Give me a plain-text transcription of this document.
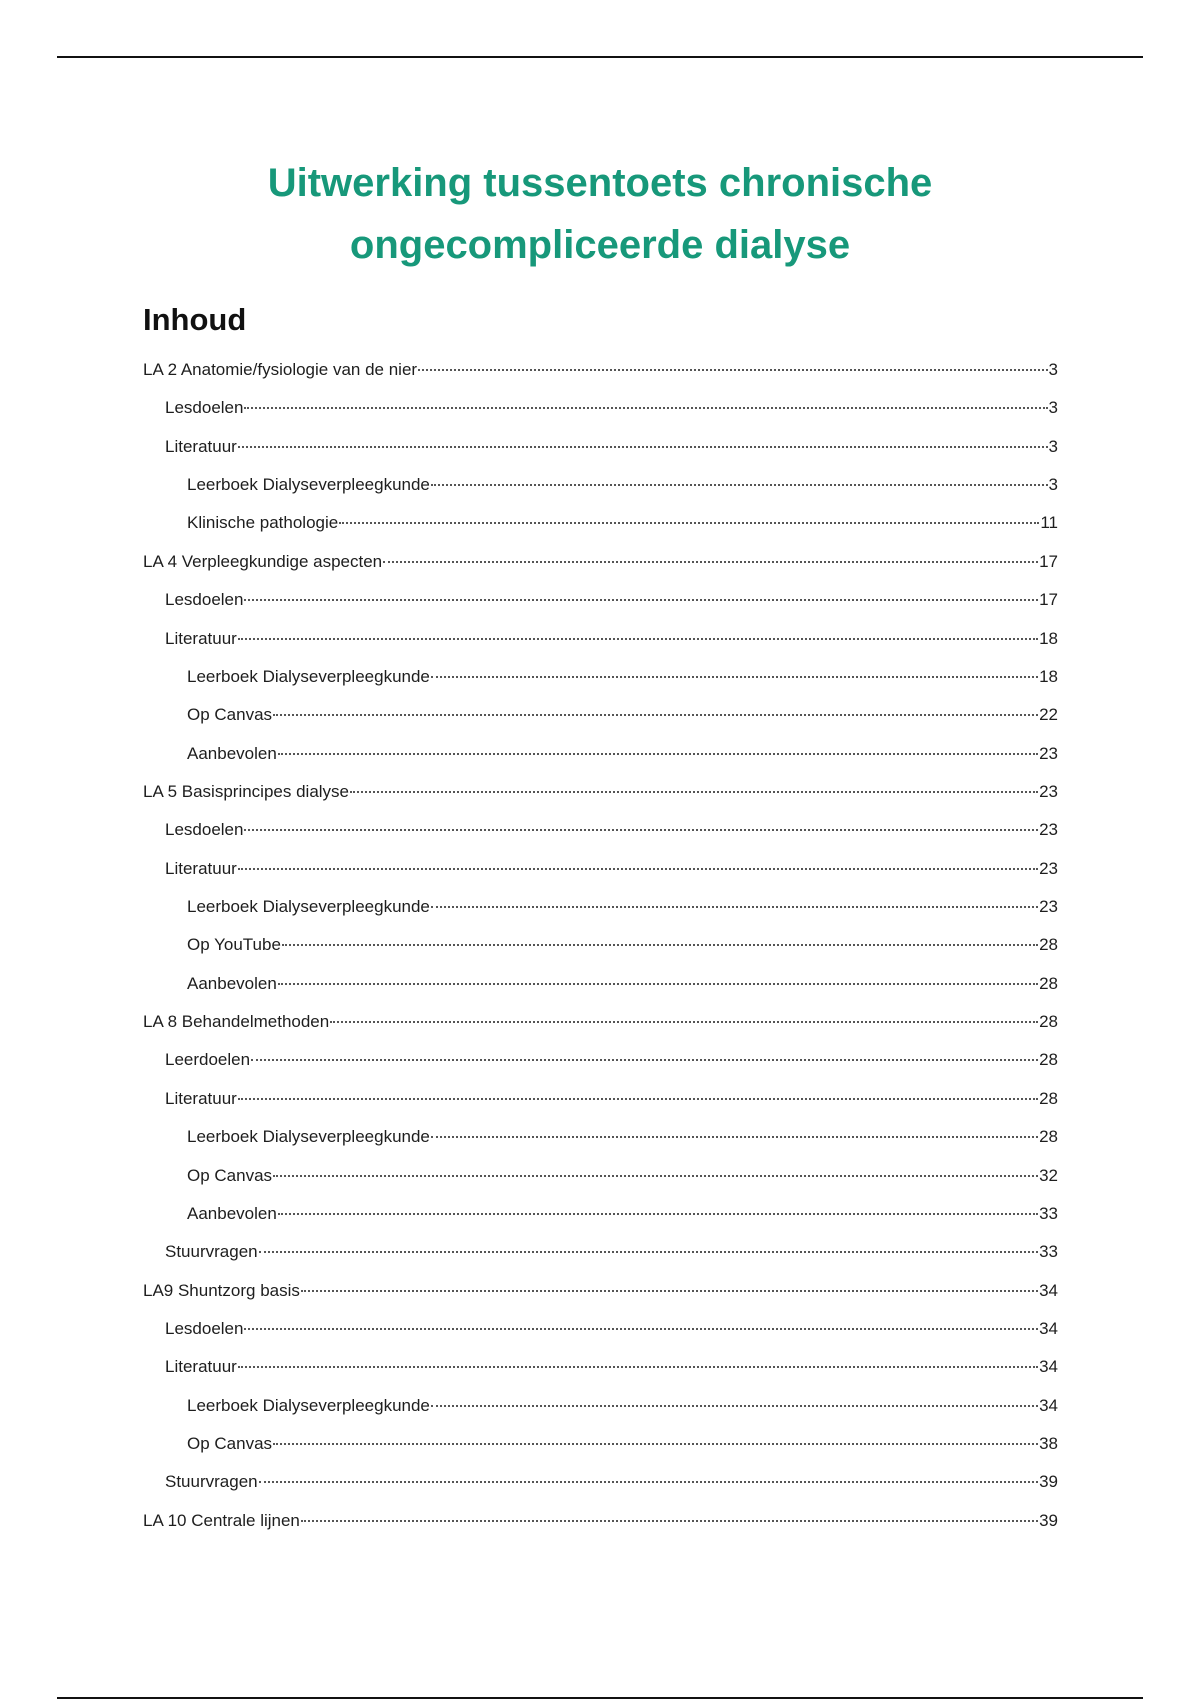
Uitwerking tussentoets chronische
ongecompliceerde dialyse
Inhoud
LA 2 Anatomie/fysiologie van de nier	3
Lesdoelen	3
Literatuur	3
Leerboek Dialyseverpleegkunde	3
Klinische pathologie	11
LA 4 Verpleegkundige aspecten	17
Lesdoelen	17
Literatuur	18
Leerboek Dialyseverpleegkunde	18
Op Canvas	22
Aanbevolen	23
LA 5 Basisprincipes dialyse	23
Lesdoelen	23
Literatuur	23
Leerboek Dialyseverpleegkunde	23
Op YouTube	28
Aanbevolen	28
LA 8 Behandelmethoden	28
Leerdoelen	28
Literatuur	28
Leerboek Dialyseverpleegkunde	28
Op Canvas	32
Aanbevolen	33
Stuurvragen	33
LA9 Shuntzorg basis	34
Lesdoelen	34
Literatuur	34
Leerboek Dialyseverpleegkunde	34
Op Canvas	38
Stuurvragen	39
LA 10 Centrale lijnen	39
